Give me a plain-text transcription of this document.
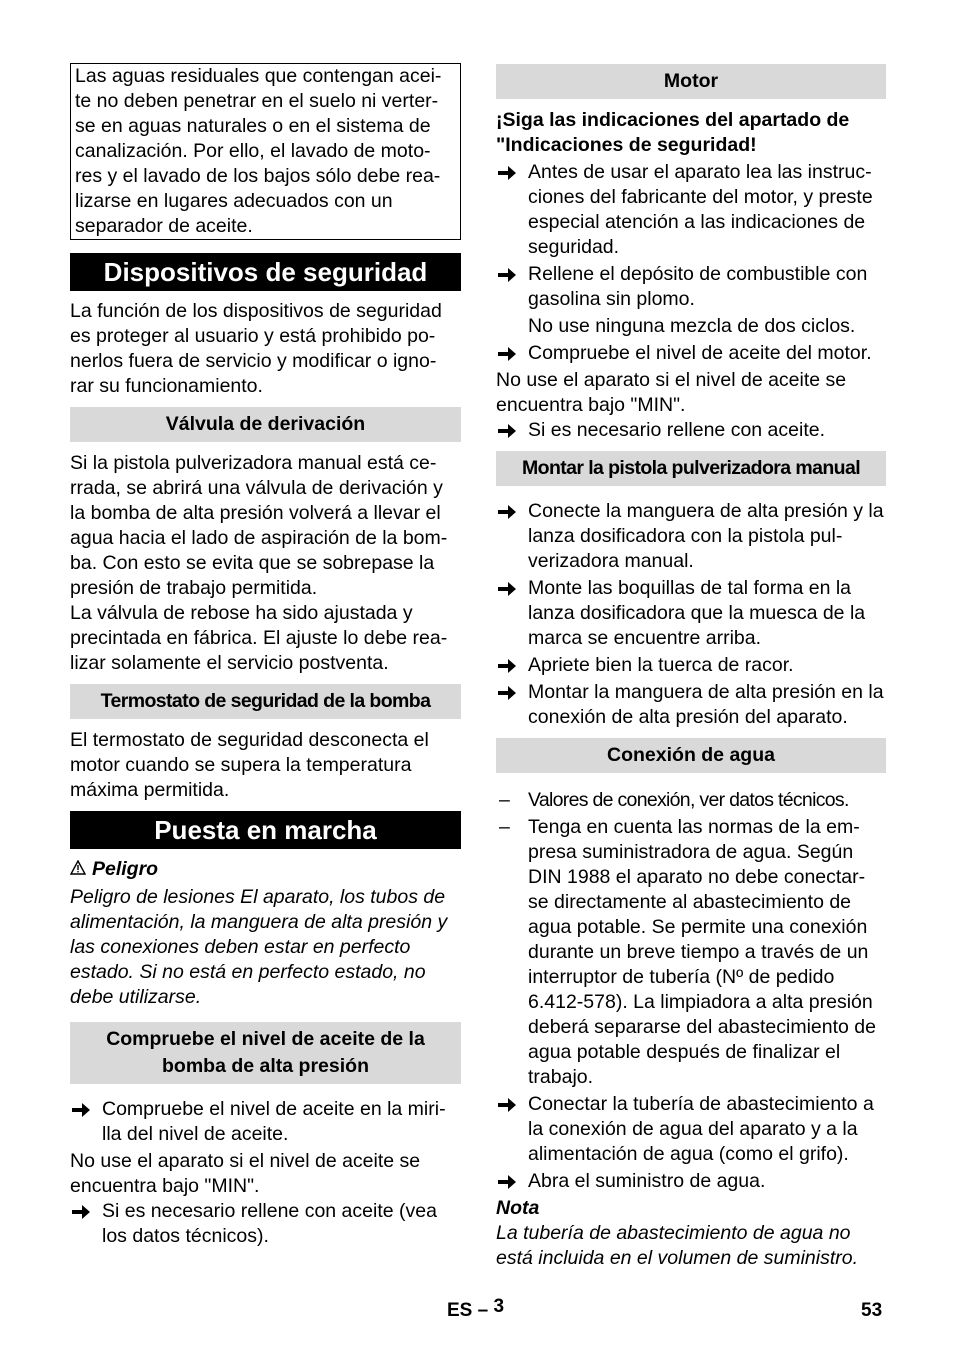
Las aguas residuales que contengan acei- te no deben penetrar en el suelo ni verter- se en aguas naturales o en el sistema de canalización. Por ello, el lavado de moto- res y el lavado de los bajos sólo debe rea- lizarse en lugares adecuados con un separador de aceite.

Dispositivos de seguridad

La función de los dispositivos de seguridad es proteger al usuario y está prohibido po- nerlos fuera de servicio y modificar o igno- rar su funcionamiento.

Válvula de derivación

Si la pistola pulverizadora manual está ce- rrada, se abrirá una válvula de derivación y la bomba de alta presión volverá a llevar el agua hacia el lado de aspiración de la bom- ba. Con esto se evita que se sobrepase la presión de trabajo permitida.

La válvula de rebose ha sido ajustada y precintada en fábrica. El ajuste lo debe rea- lizar solamente el servicio postventa.

Termostato de seguridad de la bomba

El termostato de seguridad desconecta el motor cuando se supera la temperatura máxima permitida.

Puesta en marcha
Peligro

Peligro de lesiones El aparato, los tubos de alimentación, la manguera de alta presión y las conexiones deben estar en perfecto estado. Si no está en perfecto estado, no debe utilizarse.

Compruebe el nivel de aceite de la bomba de alta presión
Compruebe el nivel de aceite en la miri- lla del nivel de aceite.

No use el aparato si el nivel de aceite se encuentra bajo "MIN".

Si es necesario rellene con aceite (vea los datos técnicos).
Motor

¡Siga las indicaciones del apartado de "Indicaciones de seguridad!

Antes de usar el aparato lea las instruc- ciones del fabricante del motor, y preste especial atención a las indicaciones de seguridad.
Rellene el depósito de combustible con gasolina sin plomo.

No use ninguna mezcla de dos ciclos.

Compruebe el nivel de aceite del motor.

No use el aparato si el nivel de aceite se encuentra bajo "MIN".

Si es necesario rellene con aceite.
Montar la pistola pulverizadora manual
Conecte la manguera de alta presión y la lanza dosificadora con la pistola pul- verizadora manual.
Monte las boquillas de tal forma en la lanza dosificadora que la muesca de la marca se encuentre arriba.
Apriete bien la tuerca de racor.
Montar la manguera de alta presión en la conexión de alta presión del aparato.
Conexión de agua
– Valores de conexión, ver datos técnicos.
– Tenga en cuenta las normas de la em- presa suministradora de agua. Según DIN 1988 el aparato no debe conectar- se directamente al abastecimiento de agua potable. Se permite una conexión durante un breve tiempo a través de un interruptor de tubería (Nº de pedido 6.412-578). La limpiadora a alta presión deberá separarse del abastecimiento de agua potable después de finalizar el trabajo.
Conectar la tubería de abastecimiento a la conexión de agua del aparato y a la alimentación de agua (como el grifo).
Abra el suministro de agua.

Nota

La tubería de abastecimiento de agua no está incluida en el volumen de suministro.

ES – 3	53
